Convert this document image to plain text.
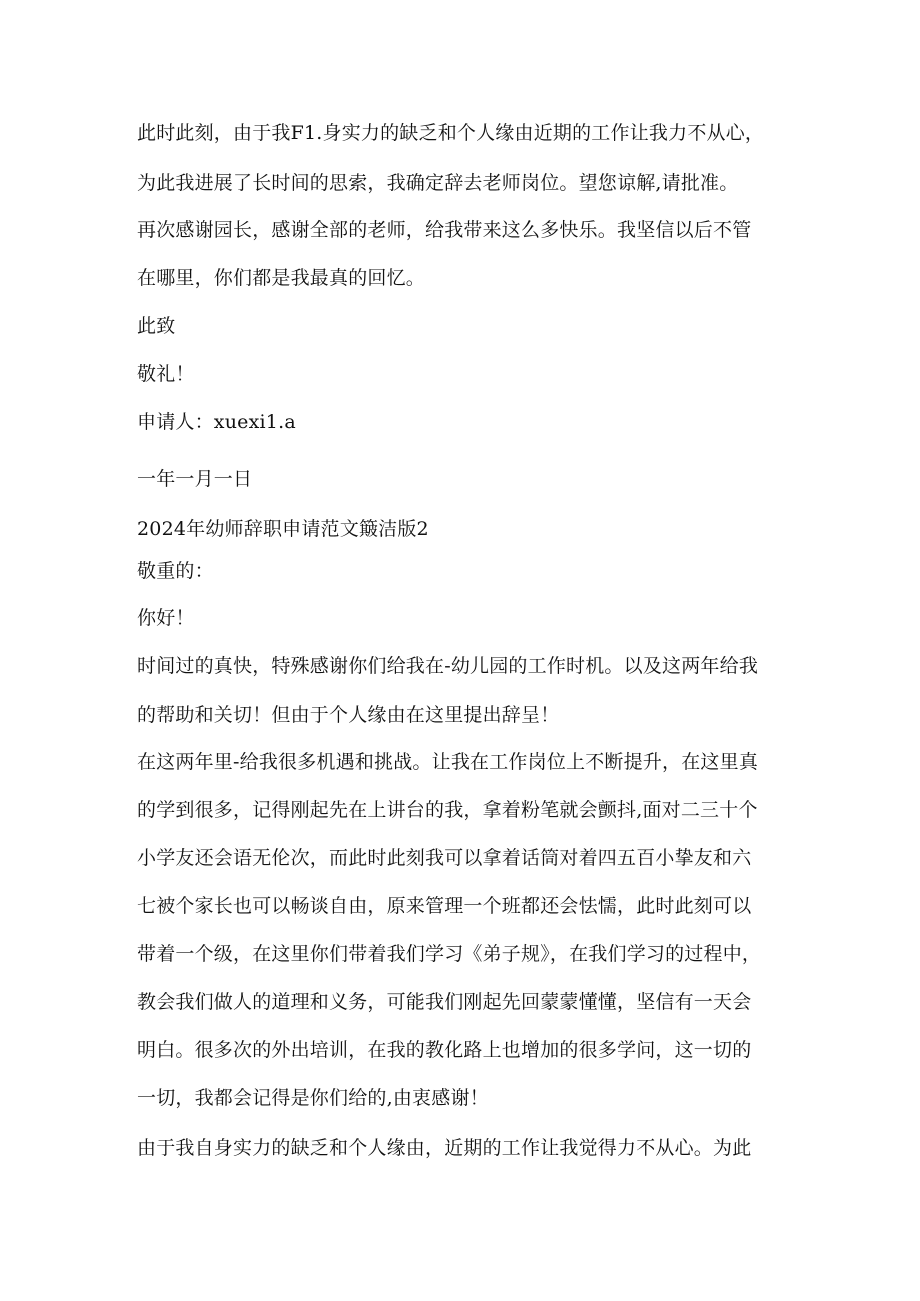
此时此刻，由于我F1.身实力的缺乏和个人缘由近期的工作让我力不从心，
为此我进展了长时间的思索，我确定辞去老师岗位。望您谅解,请批准。
再次感谢园长，感谢全部的老师，给我带来这么多快乐。我坚信以后不管
在哪里，你们都是我最真的回忆。
此致
敬礼！
申请人：xuexi1.a
一年一月一日
2024年幼师辞职申请范文簸洁版2
敬重的：
你好！
时间过的真快，特殊感谢你们给我在-幼儿园的工作时机。以及这两年给我
的帮助和关切！但由于个人缘由在这里提出辞呈！
在这两年里-给我很多机遇和挑战。让我在工作岗位上不断提升，在这里真
的学到很多，记得刚起先在上讲台的我，拿着粉笔就会颤抖,面对二三十个
小学友还会语无伦次，而此时此刻我可以拿着话筒对着四五百小挚友和六
七被个家长也可以畅谈自由，原来管理一个班都还会怯懦，此时此刻可以
带着一个级，在这里你们带着我们学习《弟子规》，在我们学习的过程中，
教会我们做人的道理和义务，可能我们刚起先回蒙蒙懂懂，坚信有一天会
明白。很多次的外出培训，在我的教化路上也增加的很多学问，这一切的
一切，我都会记得是你们给的,由衷感谢！
由于我自身实力的缺乏和个人缘由，近期的工作让我觉得力不从心。为此
